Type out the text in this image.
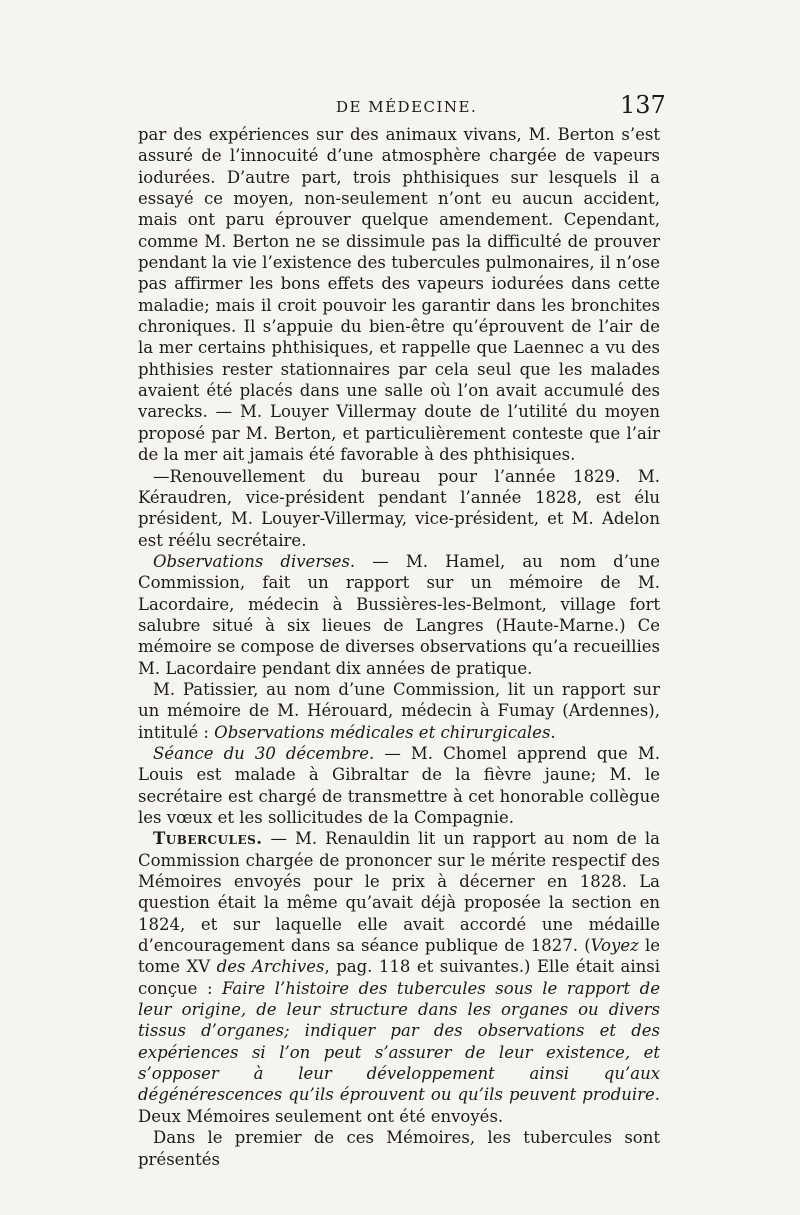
DE MÉDECINE.	137

par des expériences sur des animaux vivans, M. Berton s’est assuré de l’innocuité d’une atmosphère chargée de vapeurs iodurées. D’autre part, trois phthisiques sur lesquels il a essayé ce moyen, non-seulement n’ont eu aucun accident, mais ont paru éprouver quelque amendement. Cependant, comme M. Berton ne se dissimule pas la difficulté de prouver pendant la vie l’existence des tubercules pulmonaires, il n’ose pas affirmer les bons effets des vapeurs iodurées dans cette maladie; mais il croit pouvoir les garantir dans les bronchites chroniques. Il s’appuie du bien-être qu’éprouvent de l’air de la mer certains phthisiques, et rappelle que Laennec a vu des phthisies rester stationnaires par cela seul que les malades avaient été placés dans une salle où l’on avait accumulé des varecks. — M. Louyer Villermay doute de l’utilité du moyen proposé par M. Berton, et particulièrement conteste que l’air de la mer ait jamais été favorable à des phthisiques.

—Renouvellement du bureau pour l’année 1829. M. Kéraudren, vice-président pendant l’année 1828, est élu président, M. Louyer-Villermay, vice-président, et M. Adelon est réélu secrétaire.

Observations diverses. — M. Hamel, au nom d’une Commission, fait un rapport sur un mémoire de M. Lacordaire, médecin à Bussières-les-Belmont, village fort salubre situé à six lieues de Langres (Haute-Marne.) Ce mémoire se compose de diverses observations qu’a recueillies M. Lacordaire pendant dix années de pratique.

M. Patissier, au nom d’une Commission, lit un rapport sur un mémoire de M. Hérouard, médecin à Fumay (Ardennes), intitulé : Observations médicales et chirurgicales.

Séance du 30 décembre. — M. Chomel apprend que M. Louis est malade à Gibraltar de la fièvre jaune; M. le secrétaire est chargé de transmettre à cet honorable collègue les vœux et les sollicitudes de la Compagnie.

Tubercules. — M. Renauldin lit un rapport au nom de la Commission chargée de prononcer sur le mérite respectif des Mémoires envoyés pour le prix à décerner en 1828. La question était la même qu’avait déjà proposée la section en 1824, et sur laquelle elle avait accordé une médaille d’encouragement dans sa séance publique de 1827. (Voyez le tome XV des Archives, pag. 118 et suivantes.) Elle était ainsi conçue : Faire l’histoire des tubercules sous le rapport de leur origine, de leur structure dans les organes ou divers tissus d’organes; indiquer par des observations et des expériences si l’on peut s’assurer de leur existence, et s’opposer à leur développement ainsi qu’aux dégénérescences qu’ils éprouvent ou qu’ils peuvent produire. Deux Mémoires seulement ont été envoyés.

Dans le premier de ces Mémoires, les tubercules sont présentés
